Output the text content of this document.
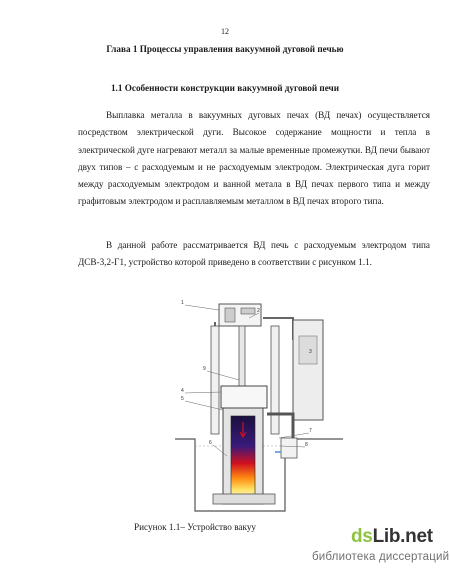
12
Глава 1 Процессы управления вакуумной дуговой печью
1.1 Особенности конструкции вакуумной дуговой печи

Выплавка металла в вакуумных дуговых печах (ВД печах) осуществляется посредством электрической дуги. Высокое содержание мощности и тепла в электрической дуге нагревают металл за малые временные промежутки. ВД печи бывают двух типов – с расходуемым и не расходуемым электродом. Электрическая дуга горит между расходуемым электродом и ванной метала в ВД печах первого типа и между графитовым электродом и расплавляемым металлом в ВД печах второго типа.

В данной работе рассматривается ВД печь с расходуемым электродом типа ДСВ-3,2-Г1, устройство которой приведено в соответствии с рисунком 1.1.

3
1
2
4
5
6
7
8
9
Рисунок 1.1– Устройство вакуу	dsLib.net
библиотека диссертаций
